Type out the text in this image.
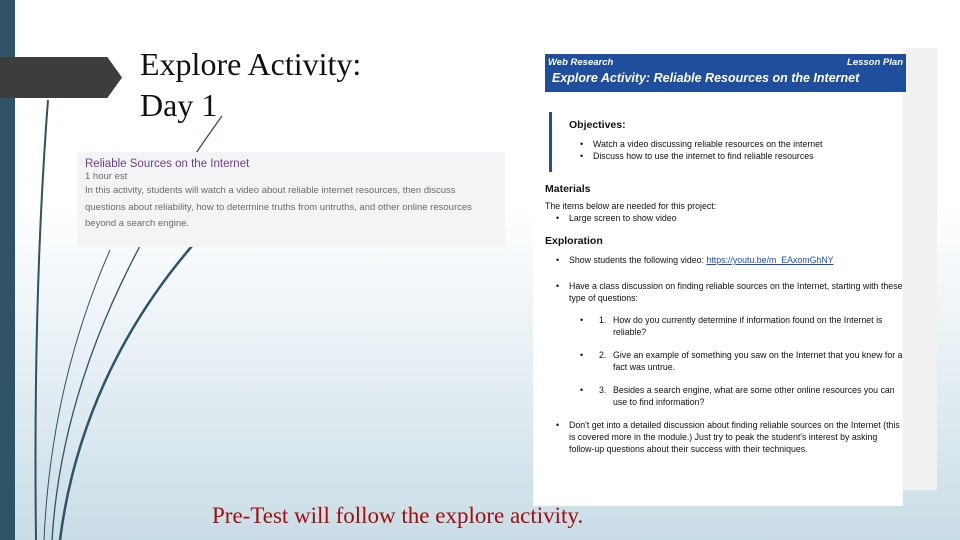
Explore Activity:
Day 1
Reliable Sources on the Internet
1 hour est
In this activity, students will watch a video about reliable internet resources, then discuss questions about reliability, how to determine truths from untruths, and other online resources beyond a search engine.
Web Research	Lesson Plan
Explore Activity: Reliable Resources on the Internet
Objectives:
• Watch a video discussing reliable resources on the internet
• Discuss how to use the internet to find reliable resources
Materials
The items below are needed for this project:
• Large screen to show video
Exploration
• Show students the following video: https://youtu.be/m_EAxomGhNY
• Have a class discussion on finding reliable sources on the Internet, starting with these type of questions:
• 1. How do you currently determine if information found on the Internet is reliable?
• 2. Give an example of something you saw on the Internet that you knew for a fact was untrue.
• 3. Besides a search engine, what are some other online resources you can use to find information?
• Don't get into a detailed discussion about finding reliable sources on the Internet (this is covered more in the module.) Just try to peak the student's interest by asking follow-up questions about their success with their techniques.
Pre-Test will follow the explore activity.
